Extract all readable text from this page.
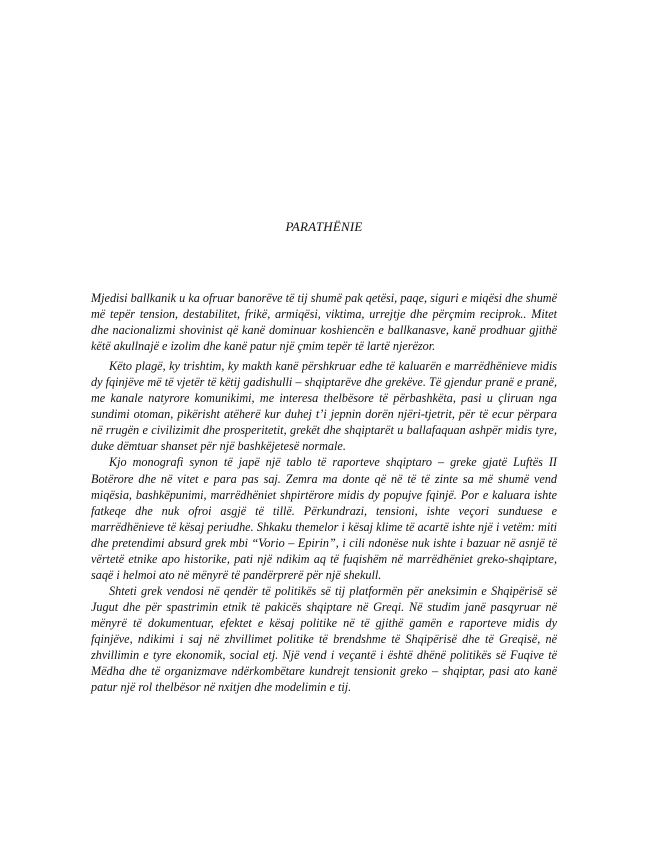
PARATHËNIE

Mjedisi ballkanik u ka ofruar banorëve të tij shumë pak qetësi, paqe, siguri e miqësi dhe shumë më tepër tension, destabilitet, frikë, armiqësi, viktima, urrejtje dhe përçmim reciprok.. Mitet dhe nacionalizmi shovinist që kanë dominuar koshiencën e ballkanasve, kanë prodhuar gjithë këtë akullnajë e izolim dhe kanë patur një çmim tepër të lartë njerëzor.

Këto plagë, ky trishtim, ky makth kanë përshkruar edhe të kaluarën e marrëdhënieve midis dy fqinjëve më të vjetër të këtij gadishulli – shqiptarëve dhe grekëve. Të gjendur pranë e pranë, me kanale natyrore komunikimi, me interesa thelbësore të përbashkëta, pasi u çliruan nga sundimi otoman, pikërisht atëherë kur duhej t’i jepnin dorën njëri-tjetrit, për të ecur përpara në rrugën e civilizimit dhe prosperitetit, grekët dhe shqiptarët u ballafaquan ashpër midis tyre, duke dëmtuar shanset për një bashkëjetesë normale.

Kjo monografi synon të japë një tablo të raporteve shqiptaro – greke gjatë Luftës II Botërore dhe në vitet e para pas saj. Zemra ma donte që në të të zinte sa më shumë vend miqësia, bashkëpunimi, marrëdhëniet shpirtërore midis dy popujve fqinjë. Por e kaluara ishte fatkeqe dhe nuk ofroi asgjë të tillë. Përkundrazi, tensioni, ishte veçori sunduese e marrëdhënieve të kësaj periudhe. Shkaku themelor i kësaj klime të acartë ishte një i vetëm: miti dhe pretendimi absurd grek mbi “Vorio – Epirin”, i cili ndonëse nuk ishte i bazuar në asnjë të vërtetë etnike apo historike, pati një ndikim aq të fuqishëm në marrëdhëniet greko-shqiptare, saqë i helmoi ato në mënyrë të pandërprerë për një shekull.

Shteti grek vendosi në qendër të politikës së tij platformën për aneksimin e Shqipërisë së Jugut dhe për spastrimin etnik të pakicës shqiptare në Greqi. Në studim janë pasqyruar në mënyrë të dokumentuar, efektet e kësaj politike në të gjithë gamën e raporteve midis dy fqinjëve, ndikimi i saj në zhvillimet politike të brendshme të Shqipërisë dhe të Greqisë, në zhvillimin e tyre ekonomik, social etj. Një vend i veçantë i është dhënë politikës së Fuqive të Mëdha dhe të organizmave ndërkombëtare kundrejt tensionit greko – shqiptar, pasi ato kanë patur një rol thelbësor në nxitjen dhe modelimin e tij.
